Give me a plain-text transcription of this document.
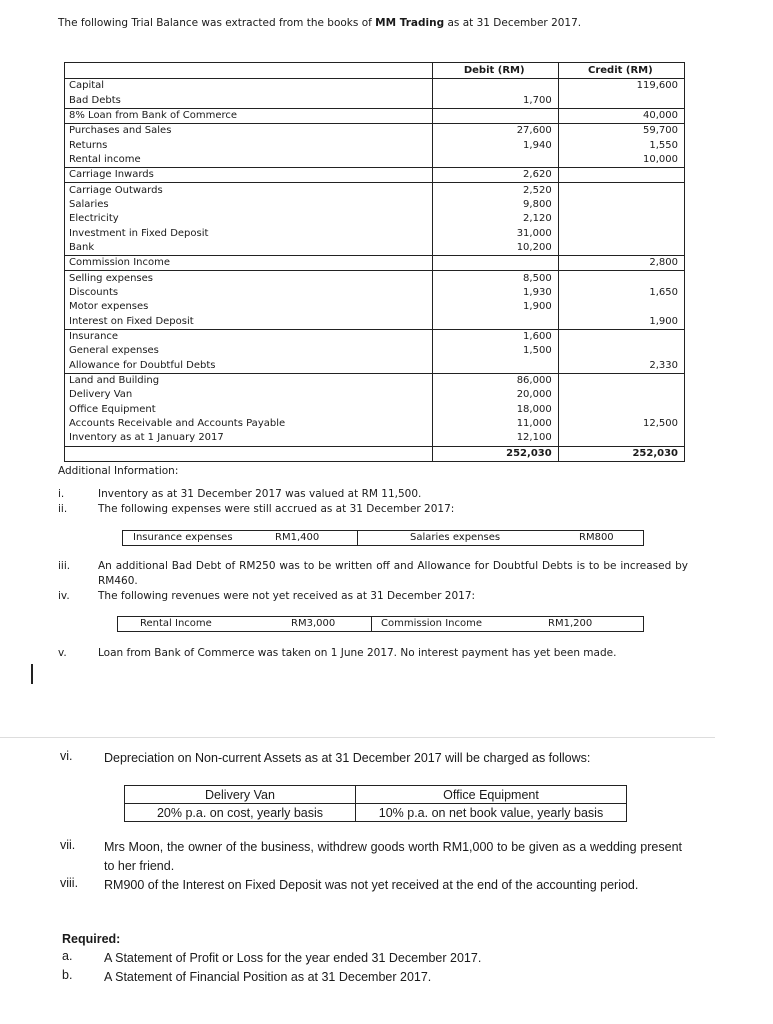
The following Trial Balance was extracted from the books of MM Trading as at 31 December 2017.
	Debit (RM)	Credit (RM)
Capital		119,600
Bad Debts	1,700	
8% Loan from Bank of Commerce		40,000
Purchases and Sales	27,600	59,700
Returns	1,940	1,550
Rental income		10,000
Carriage Inwards	2,620	
Carriage Outwards	2,520	
Salaries	9,800	
Electricity	2,120	
Investment in Fixed Deposit	31,000	
Bank	10,200	
Commission Income		2,800
Selling expenses	8,500	
Discounts	1,930	1,650
Motor expenses	1,900	
Interest on Fixed Deposit		1,900
Insurance	1,600	
General expenses	1,500	
Allowance for Doubtful Debts		2,330
Land and Building	86,000	
Delivery Van	20,000	
Office Equipment	18,000	
Accounts Receivable and Accounts Payable	11,000	12,500
Inventory as at 1 January 2017	12,100	
	252,030	252,030
Additional Information:
i.	Inventory as at 31 December 2017 was valued at RM 11,500.
ii.	The following expenses were still accrued as at 31 December 2017:
Insurance expenses	RM1,400	Salaries expenses	RM800
iii.	An additional Bad Debt of RM250 was to be written off and Allowance for Doubtful Debts is to be increased by RM460.
iv.	The following revenues were not yet received as at 31 December 2017:
Rental Income	RM3,000	Commission Income	RM1,200
v.	Loan from Bank of Commerce was taken on 1 June 2017. No interest payment has yet been made.
vi.	Depreciation on Non-current Assets as at 31 December 2017 will be charged as follows:
Delivery Van	Office Equipment
20% p.a. on cost, yearly basis	10% p.a. on net book value, yearly basis
vii. Mrs Moon, the owner of the business, withdrew goods worth RM1,000 to be given as a wedding present to her friend.
viii. RM900 of the Interest on Fixed Deposit was not yet received at the end of the accounting period.
Required:
a.	A Statement of Profit or Loss for the year ended 31 December 2017.
b.	A Statement of Financial Position as at 31 December 2017.
